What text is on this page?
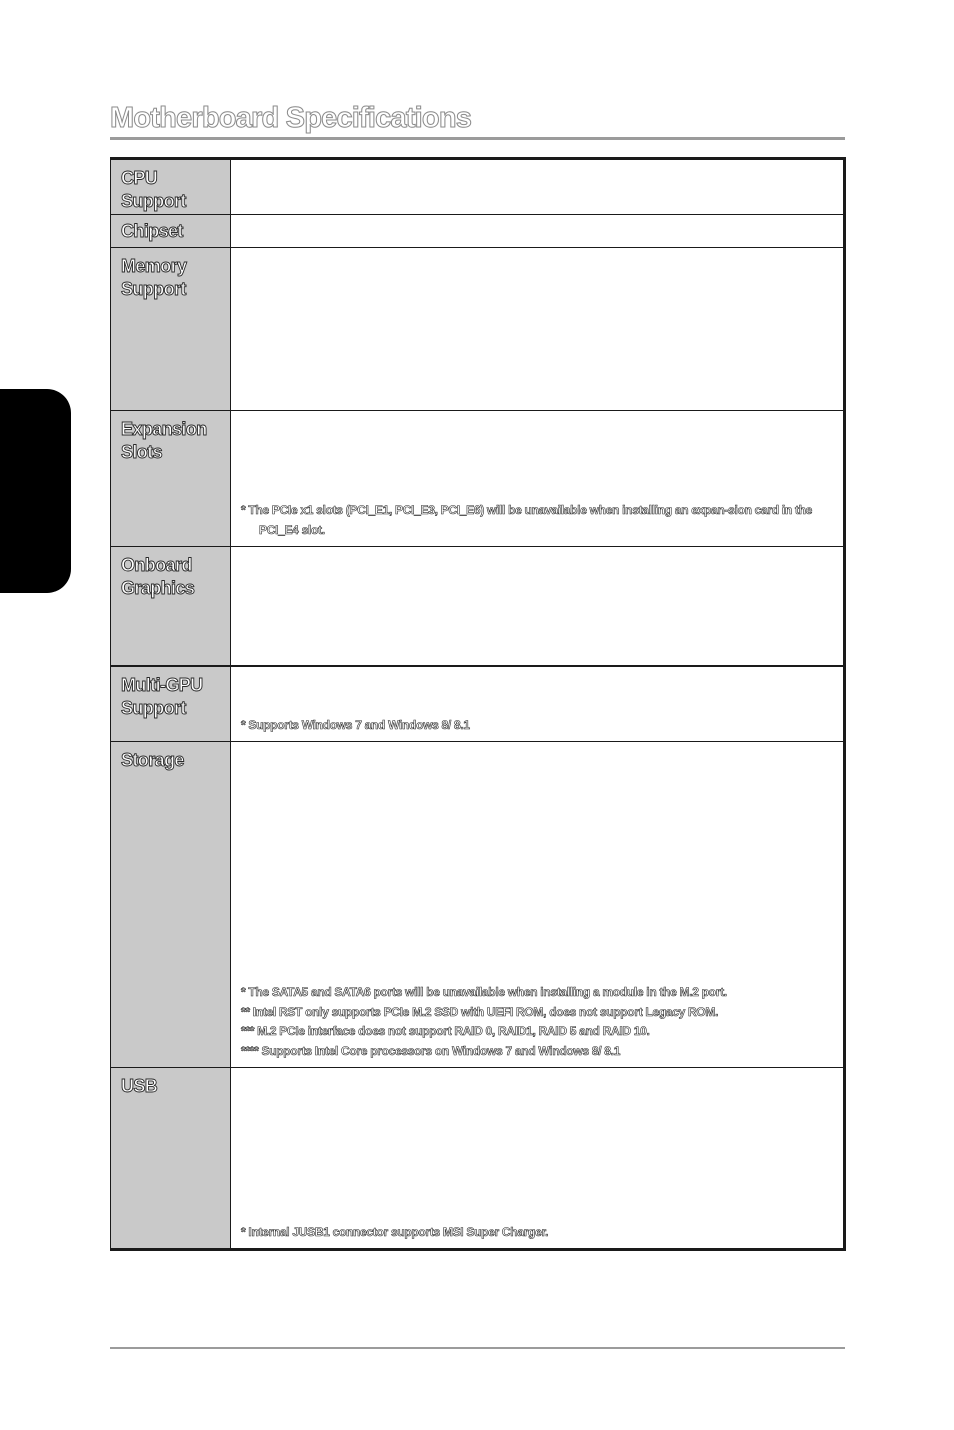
Motherboard Specifications
CPU
Support	

Chipset	

Memory
Support	

Expansion
Slots	* The PCIe x1 slots (PCI_E1, PCI_E3, PCI_E6) will be unavailable when installing an expan-sion card in the PCI_E4 slot.

Onboard
Graphics	

Multi-GPU
Support	* Supports Windows 7 and Windows 8/ 8.1

Storage	* The SATA5 and SATA6 ports will be unavailable when installing a module in the M.2 port.
** Intel RST only supports PCIe M.2 SSD with UEFI ROM, does not support Legacy ROM.
*** M.2 PCIe interface does not support RAID 0, RAID1, RAID 5 and RAID 10.
**** Supports Intel Core processors on Windows 7 and Windows 8/ 8.1

USB	* Internal JUSB1 connector supports MSI Super Charger.
